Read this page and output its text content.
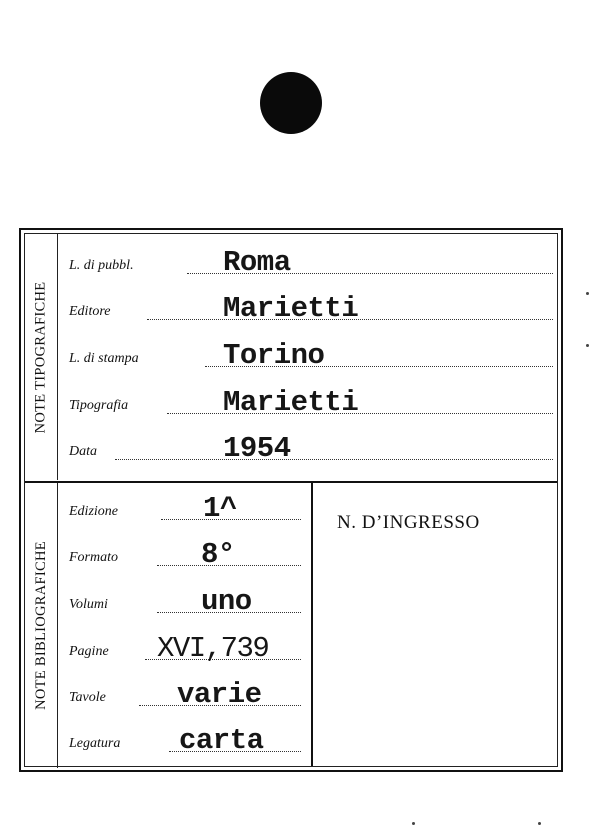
NOTE TIPOGRAFICHE
NOTE BIBLIOGRAFICHE
L. di pubbl.	Roma
Editore	Marietti
L. di stampa	Torino
Tipografia	Marietti
Data	1954
Edizione	1^
Formato	8°
Volumi	uno
Pagine XVI,739
Tavole varie
Legatura carta
N. D’INGRESSO
